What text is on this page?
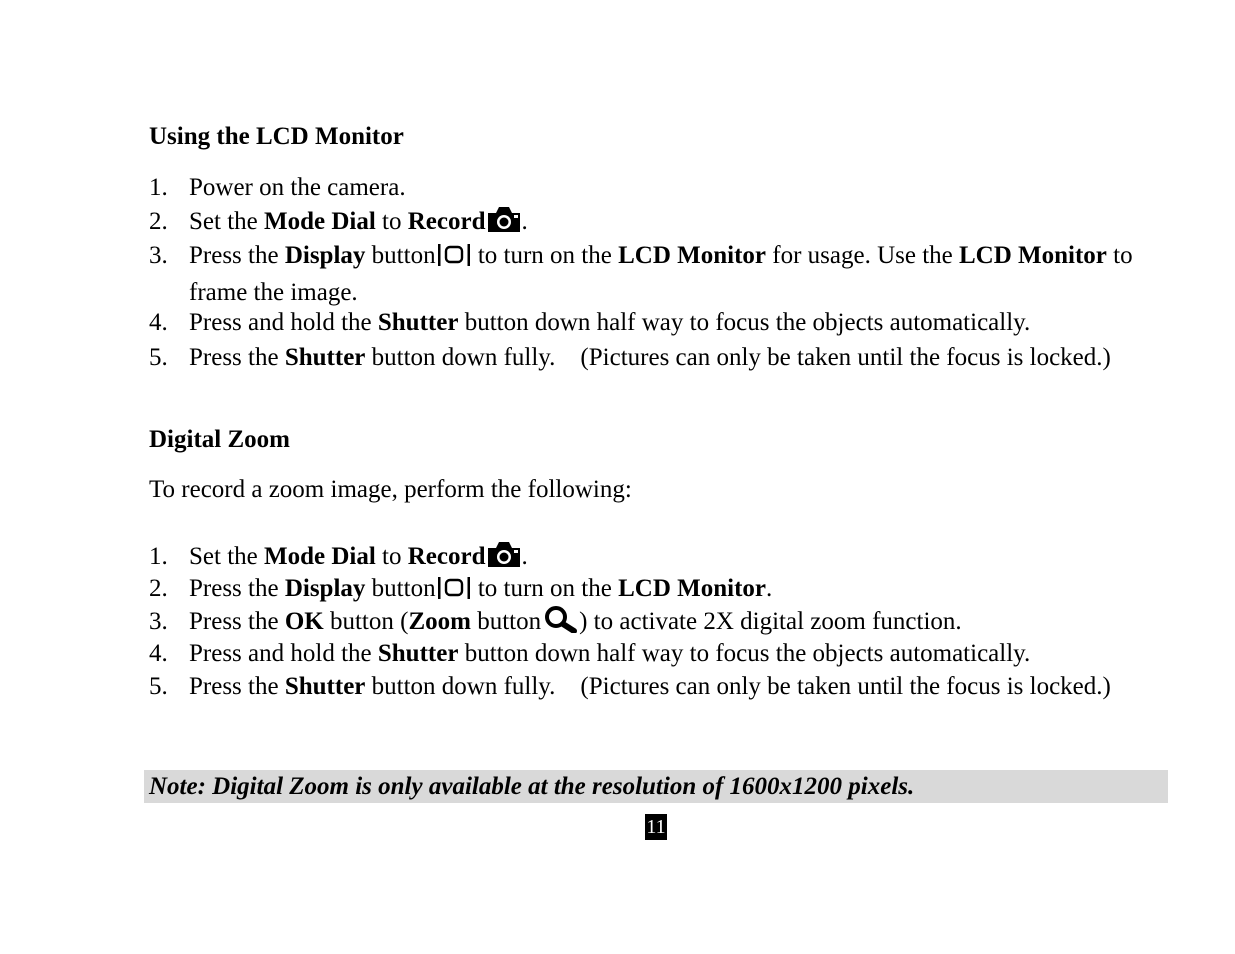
Using the LCD Monitor
1. Power on the camera.
2. Set the Mode Dial to Record .
3. Press the Display button to turn on the LCD Monitor for usage. Use the LCD Monitor to frame the image.
4. Press and hold the Shutter button down half way to focus the objects automatically.
5. Press the Shutter button down fully.    (Pictures can only be taken until the focus is locked.)
Digital Zoom

To record a zoom image, perform the following:

1. Set the Mode Dial to Record .
2. Press the Display button to turn on the LCD Monitor.
3. Press the OK button (Zoom button ) to activate 2X digital zoom function.
4. Press and hold the Shutter button down half way to focus the objects automatically.
5. Press the Shutter button down fully.    (Pictures can only be taken until the focus is locked.)

Note: Digital Zoom is only available at the resolution of 1600x1200 pixels.

11
